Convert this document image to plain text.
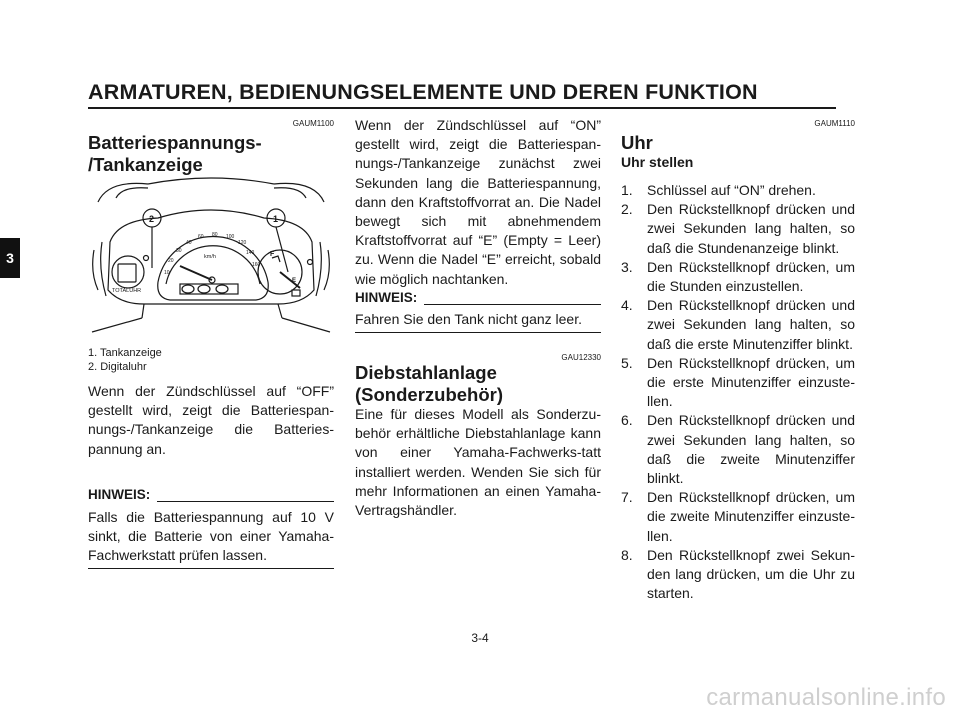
ARMATUREN, BEDIENUNGSELEMENTE UND DEREN FUNKTION
3
GAUM1100
Batteriespannungs-
/Tankanzeige
10
20
30
40
60 80 100
120
140
160
km/h
TOTALUHR
2	1
F
E
1. Tankanzeige
2. Digitaluhr

Wenn der Zündschlüssel auf “OFF” gestellt wird, zeigt die Batteriespan-nungs-/Tankanzeige die Batteries-pannung an.

HINWEIS:

Falls die Batteriespannung auf 10 V sinkt, die Batterie von einer Yamaha-Fachwerkstatt prüfen lassen.

Wenn der Zündschlüssel auf “ON” gestellt wird, zeigt die Batteriespan-nungs-/Tankanzeige zunächst zwei Sekunden lang die Batteriespannung, dann den Kraftstoffvorrat an. Die Nadel bewegt sich mit abnehmendem Kraftstoffvorrat auf “E” (Empty = Leer) zu. Wenn die Nadel “E” erreicht, sobald wie möglich nachtanken.

HINWEIS:

Fahren Sie den Tank nicht ganz leer.

GAU12330
Diebstahlanlage
(Sonderzubehör)

Eine für dieses Modell als Sonderzu-behör erhältliche Diebstahlanlage kann von einer Yamaha-Fachwerks-tatt installiert werden. Wenden Sie sich für mehr Informationen an einen Yamaha-Vertragshändler.

GAUM1110
Uhr
Uhr stellen
1.	Schlüssel auf “ON” drehen.
2.	Den Rückstellknopf drücken und zwei Sekunden lang halten, so daß die Stundenanzeige blinkt.
3.	Den Rückstellknopf drücken, um die Stunden einzustellen.
4.	Den Rückstellknopf drücken und zwei Sekunden lang halten, so daß die erste Minutenziffer blinkt.
5.	Den Rückstellknopf drücken, um die erste Minutenziffer einzuste-llen.
6.	Den Rückstellknopf drücken und zwei Sekunden lang halten, so daß die zweite Minutenziffer blinkt.
7.	Den Rückstellknopf drücken, um die zweite Minutenziffer einzuste-llen.
8.	Den Rückstellknopf zwei Sekun-den lang drücken, um die Uhr zu starten.
3-4
carmanualsonline.info
